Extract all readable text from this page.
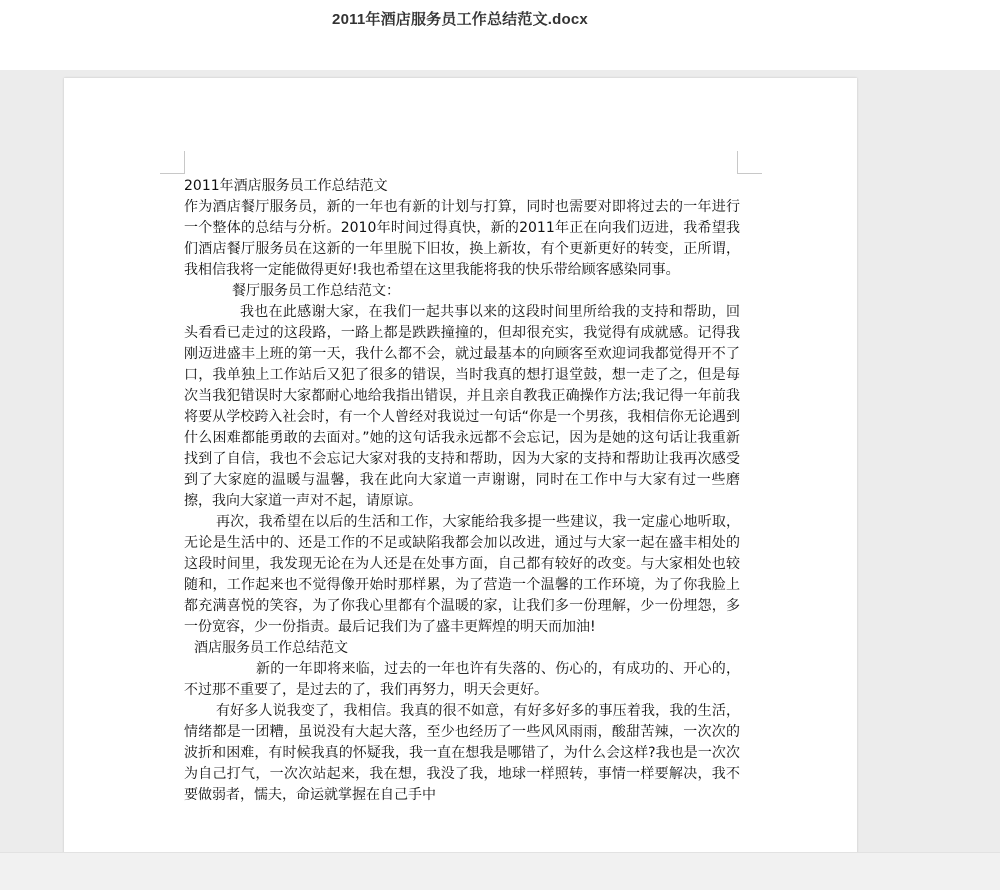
2011年酒店服务员工作总结范文.docx

2011年酒店服务员工作总结范文

作为酒店餐厅服务员，新的一年也有新的计划与打算，同时也需要对即将过去的一年进行一个整体的总结与分析。2010年时间过得真快，新的2011年正在向我们迈进，我希望我们酒店餐厅服务员在这新的一年里脱下旧妆，换上新妆，有个更新更好的转变，正所谓，我相信我将一定能做得更好!我也希望在这里我能将我的快乐带给顾客感染同事。

餐厅服务员工作总结范文：

我也在此感谢大家，在我们一起共事以来的这段时间里所给我的支持和帮助，回头看看已走过的这段路，一路上都是跌跌撞撞的，但却很充实，我觉得有成就感。记得我刚迈进盛丰上班的第一天，我什么都不会，就过最基本的向顾客至欢迎词我都觉得开不了口，我单独上工作站后又犯了很多的错误，当时我真的想打退堂鼓，想一走了之，但是每次当我犯错误时大家都耐心地给我指出错误，并且亲自教我正确操作方法;我记得一年前我将要从学校跨入社会时，有一个人曾经对我说过一句话“你是一个男孩，我相信你无论遇到什么困难都能勇敢的去面对。”她的这句话我永远都不会忘记，因为是她的这句话让我重新找到了自信，我也不会忘记大家对我的支持和帮助，因为大家的支持和帮助让我再次感受到了大家庭的温暖与温馨，我在此向大家道一声谢谢，同时在工作中与大家有过一些磨擦，我向大家道一声对不起，请原谅。

再次，我希望在以后的生活和工作，大家能给我多提一些建议，我一定虚心地听取，无论是生活中的、还是工作的不足或缺陷我都会加以改进，通过与大家一起在盛丰相处的这段时间里，我发现无论在为人还是在处事方面，自己都有较好的改变。与大家相处也较随和，工作起来也不觉得像开始时那样累，为了营造一个温馨的工作环境，为了你我脸上都充满喜悦的笑容，为了你我心里都有个温暖的家，让我们多一份理解，少一份埋怨，多一份宽容，少一份指责。最后记我们为了盛丰更辉煌的明天而加油!

酒店服务员工作总结范文

新的一年即将来临，过去的一年也许有失落的、伤心的，有成功的、开心的，不过那不重要了，是过去的了，我们再努力，明天会更好。

有好多人说我变了，我相信。我真的很不如意，有好多好多的事压着我，我的生活，情绪都是一团糟，虽说没有大起大落，至少也经历了一些风风雨雨，酸甜苦辣，一次次的波折和困难，有时候我真的怀疑我，我一直在想我是哪错了，为什么会这样?我也是一次次为自己打气，一次次站起来，我在想，我没了我，地球一样照转，事情一样要解决，我不要做弱者，懦夫，命运就掌握在自己手中
